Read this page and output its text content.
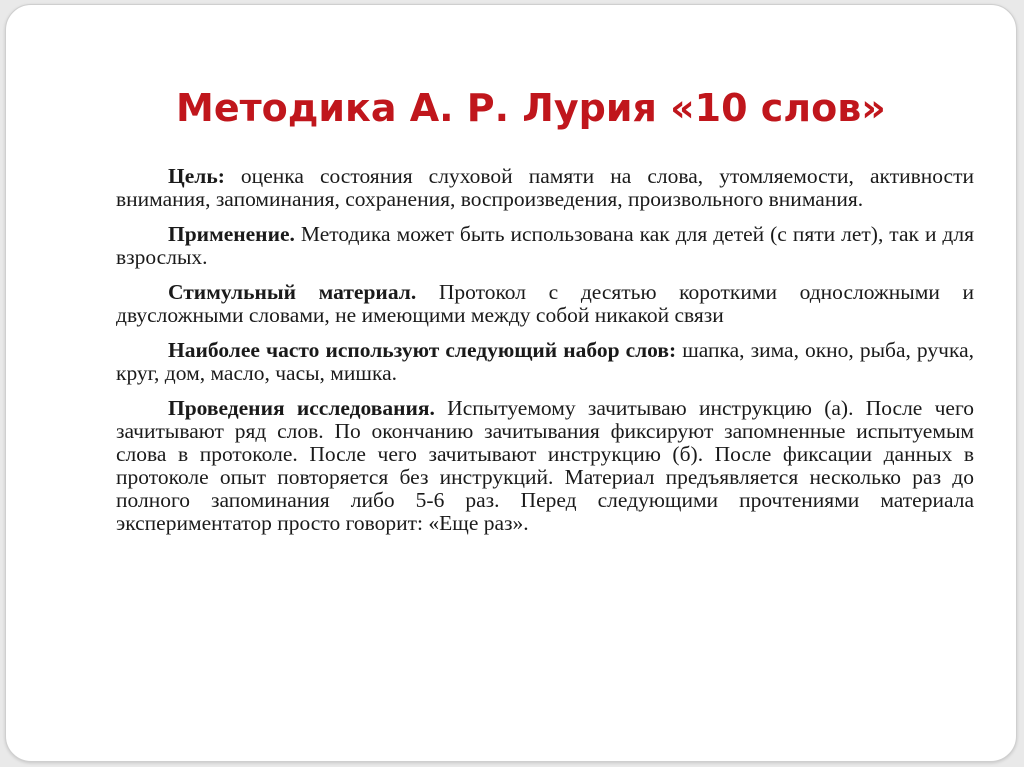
Методика А. Р. Лурия «10 слов»

Цель: оценка состояния слуховой памяти на слова, утомляемости, активности внимания, запоминания, сохранения, воспроизведения, произвольного внимания.

Применение. Методика может быть использована как для детей (с пяти лет), так и для взрослых.

Стимульный материал. Протокол с десятью короткими односложными и двусложными словами, не имеющими между собой никакой связи

Наиболее часто используют следующий набор слов: шапка, зима, окно, рыба, ручка, круг, дом, масло, часы, мишка.

Проведения исследования. Испытуемому зачитываю инструкцию (а). После чего зачитывают ряд слов. По окончанию зачитывания фиксируют запомненные испытуемым слова в протоколе. После чего зачитывают инструкцию (б). После фиксации данных в протоколе опыт повторяется без инструкций. Материал предъявляется несколько раз до полного запоминания либо 5-6 раз. Перед следующими прочтениями материала экспериментатор просто говорит: «Еще раз».
